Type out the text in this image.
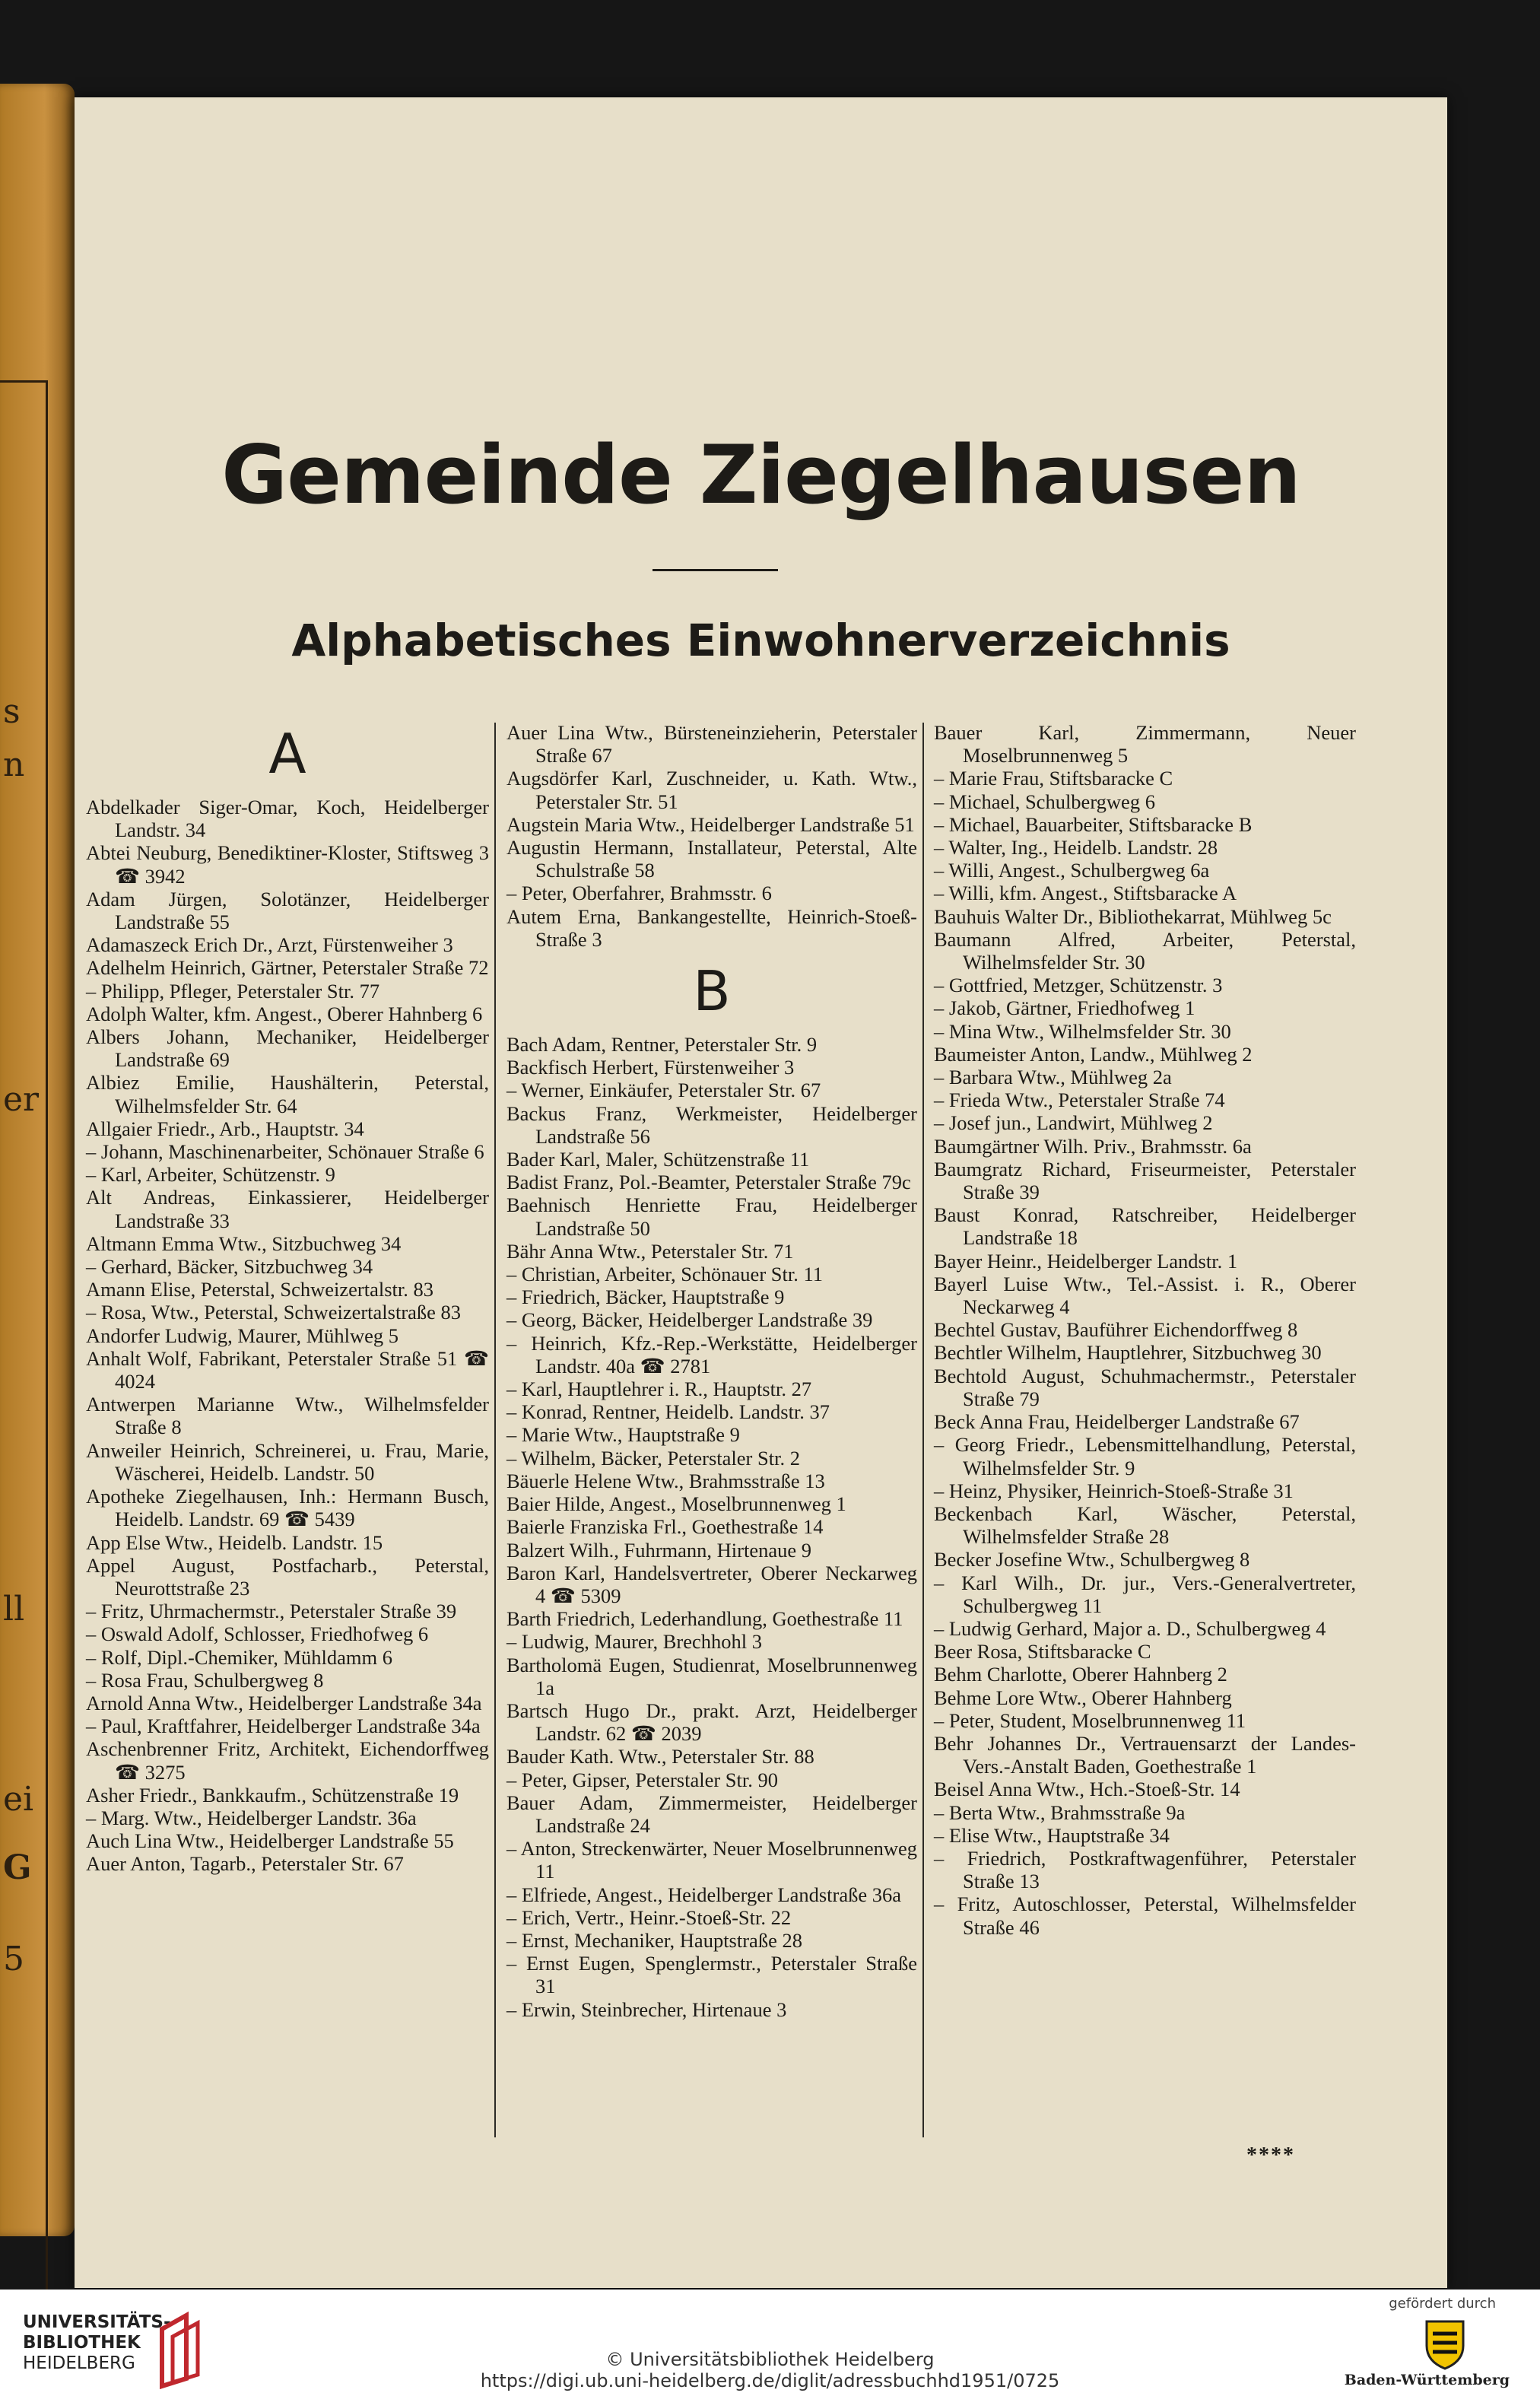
s
n
er
ll
ei
G
5
Gemeinde Ziegelhausen
Alphabetisches Einwohnerverzeichnis
A
Abdelkader Siger-Omar, Koch, Heidelberger Landstr. 34
Abtei Neuburg, Benediktiner-Kloster, Stiftsweg 3 ☎ 3942
Adam Jürgen, Solotänzer, Heidelberger Landstraße 55
Adamaszeck Erich Dr., Arzt, Fürstenweiher 3
Adelhelm Heinrich, Gärtner, Peterstaler Straße 72
– Philipp, Pfleger, Peterstaler Str. 77
Adolph Walter, kfm. Angest., Oberer Hahnberg 6
Albers Johann, Mechaniker, Heidelberger Landstraße 69
Albiez Emilie, Haushälterin, Peterstal, Wilhelmsfelder Str. 64
Allgaier Friedr., Arb., Hauptstr. 34
– Johann, Maschinenarbeiter, Schönauer Straße 6
– Karl, Arbeiter, Schützenstr. 9
Alt Andreas, Einkassierer, Heidelberger Landstraße 33
Altmann Emma Wtw., Sitzbuchweg 34
– Gerhard, Bäcker, Sitzbuchweg 34
Amann Elise, Peterstal, Schweizertalstr. 83
– Rosa, Wtw., Peterstal, Schweizertalstraße 83
Andorfer Ludwig, Maurer, Mühlweg 5
Anhalt Wolf, Fabrikant, Peterstaler Straße 51 ☎ 4024
Antwerpen Marianne Wtw., Wilhelmsfelder Straße 8
Anweiler Heinrich, Schreinerei, u. Frau, Marie, Wäscherei, Heidelb. Landstr. 50
Apotheke Ziegelhausen, Inh.: Hermann Busch, Heidelb. Landstr. 69 ☎ 5439
App Else Wtw., Heidelb. Landstr. 15
Appel August, Postfacharb., Peterstal, Neurottstraße 23
– Fritz, Uhrmachermstr., Peterstaler Straße 39
– Oswald Adolf, Schlosser, Friedhofweg 6
– Rolf, Dipl.-Chemiker, Mühldamm 6
– Rosa Frau, Schulbergweg 8
Arnold Anna Wtw., Heidelberger Landstraße 34a
– Paul, Kraftfahrer, Heidelberger Landstraße 34a
Aschenbrenner Fritz, Architekt, Eichendorffweg ☎ 3275
Asher Friedr., Bankkaufm., Schützenstraße 19
– Marg. Wtw., Heidelberger Landstr. 36a
Auch Lina Wtw., Heidelberger Landstraße 55
Auer Anton, Tagarb., Peterstaler Str. 67
Auer Lina Wtw., Bürsteneinzieherin, Peterstaler Straße 67
Augsdörfer Karl, Zuschneider, u. Kath. Wtw., Peterstaler Str. 51
Augstein Maria Wtw., Heidelberger Landstraße 51
Augustin Hermann, Installateur, Peterstal, Alte Schulstraße 58
– Peter, Oberfahrer, Brahmsstr. 6
Autem Erna, Bankangestellte, Heinrich-Stoeß-Straße 3
B
Bach Adam, Rentner, Peterstaler Str. 9
Backfisch Herbert, Fürstenweiher 3
– Werner, Einkäufer, Peterstaler Str. 67
Backus Franz, Werkmeister, Heidelberger Landstraße 56
Bader Karl, Maler, Schützenstraße 11
Badist Franz, Pol.-Beamter, Peterstaler Straße 79c
Baehnisch Henriette Frau, Heidelberger Landstraße 50
Bähr Anna Wtw., Peterstaler Str. 71
– Christian, Arbeiter, Schönauer Str. 11
– Friedrich, Bäcker, Hauptstraße 9
– Georg, Bäcker, Heidelberger Landstraße 39
– Heinrich, Kfz.-Rep.-Werkstätte, Heidelberger Landstr. 40a ☎ 2781
– Karl, Hauptlehrer i. R., Hauptstr. 27
– Konrad, Rentner, Heidelb. Landstr. 37
– Marie Wtw., Hauptstraße 9
– Wilhelm, Bäcker, Peterstaler Str. 2
Bäuerle Helene Wtw., Brahmsstraße 13
Baier Hilde, Angest., Moselbrunnenweg 1
Baierle Franziska Frl., Goethestraße 14
Balzert Wilh., Fuhrmann, Hirtenaue 9
Baron Karl, Handelsvertreter, Oberer Neckarweg 4 ☎ 5309
Barth Friedrich, Lederhandlung, Goethestraße 11
– Ludwig, Maurer, Brechhohl 3
Bartholomä Eugen, Studienrat, Moselbrunnenweg 1a
Bartsch Hugo Dr., prakt. Arzt, Heidelberger Landstr. 62 ☎ 2039
Bauder Kath. Wtw., Peterstaler Str. 88
– Peter, Gipser, Peterstaler Str. 90
Bauer Adam, Zimmermeister, Heidelberger Landstraße 24
– Anton, Streckenwärter, Neuer Moselbrunnenweg 11
– Elfriede, Angest., Heidelberger Landstraße 36a
– Erich, Vertr., Heinr.-Stoeß-Str. 22
– Ernst, Mechaniker, Hauptstraße 28
– Ernst Eugen, Spenglermstr., Peterstaler Straße 31
– Erwin, Steinbrecher, Hirtenaue 3
Bauer Karl, Zimmermann, Neuer Moselbrunnenweg 5
– Marie Frau, Stiftsbaracke C
– Michael, Schulbergweg 6
– Michael, Bauarbeiter, Stiftsbaracke B
– Walter, Ing., Heidelb. Landstr. 28
– Willi, Angest., Schulbergweg 6a
– Willi, kfm. Angest., Stiftsbaracke A
Bauhuis Walter Dr., Bibliothekarrat, Mühlweg 5c
Baumann Alfred, Arbeiter, Peterstal, Wilhelmsfelder Str. 30
– Gottfried, Metzger, Schützenstr. 3
– Jakob, Gärtner, Friedhofweg 1
– Mina Wtw., Wilhelmsfelder Str. 30
Baumeister Anton, Landw., Mühlweg 2
– Barbara Wtw., Mühlweg 2a
– Frieda Wtw., Peterstaler Straße 74
– Josef jun., Landwirt, Mühlweg 2
Baumgärtner Wilh. Priv., Brahmsstr. 6a
Baumgratz Richard, Friseurmeister, Peterstaler Straße 39
Baust Konrad, Ratschreiber, Heidelberger Landstraße 18
Bayer Heinr., Heidelberger Landstr. 1
Bayerl Luise Wtw., Tel.-Assist. i. R., Oberer Neckarweg 4
Bechtel Gustav, Bauführer Eichendorffweg 8
Bechtler Wilhelm, Hauptlehrer, Sitzbuchweg 30
Bechtold August, Schuhmachermstr., Peterstaler Straße 79
Beck Anna Frau, Heidelberger Landstraße 67
– Georg Friedr., Lebensmittelhandlung, Peterstal, Wilhelmsfelder Str. 9
– Heinz, Physiker, Heinrich-Stoeß-Straße 31
Beckenbach Karl, Wäscher, Peterstal, Wilhelmsfelder Straße 28
Becker Josefine Wtw., Schulbergweg 8
– Karl Wilh., Dr. jur., Vers.-Generalvertreter, Schulbergweg 11
– Ludwig Gerhard, Major a. D., Schulbergweg 4
Beer Rosa, Stiftsbaracke C
Behm Charlotte, Oberer Hahnberg 2
Behme Lore Wtw., Oberer Hahnberg
– Peter, Student, Moselbrunnenweg 11
Behr Johannes Dr., Vertrauensarzt der Landes-Vers.-Anstalt Baden, Goethestraße 1
Beisel Anna Wtw., Hch.-Stoeß-Str. 14
– Berta Wtw., Brahmsstraße 9a
– Elise Wtw., Hauptstraße 34
– Friedrich, Postkraftwagenführer, Peterstaler Straße 13
– Fritz, Autoschlosser, Peterstal, Wilhelmsfelder Straße 46
****
UNIVERSITÄTS-
BIBLIOTHEK
HEIDELBERG	© Universitätsbibliothek Heidelberg
https://digi.ub.uni-heidelberg.de/diglit/adressbuchhd1951/0725
gefördert durch
Baden-Württemberg
